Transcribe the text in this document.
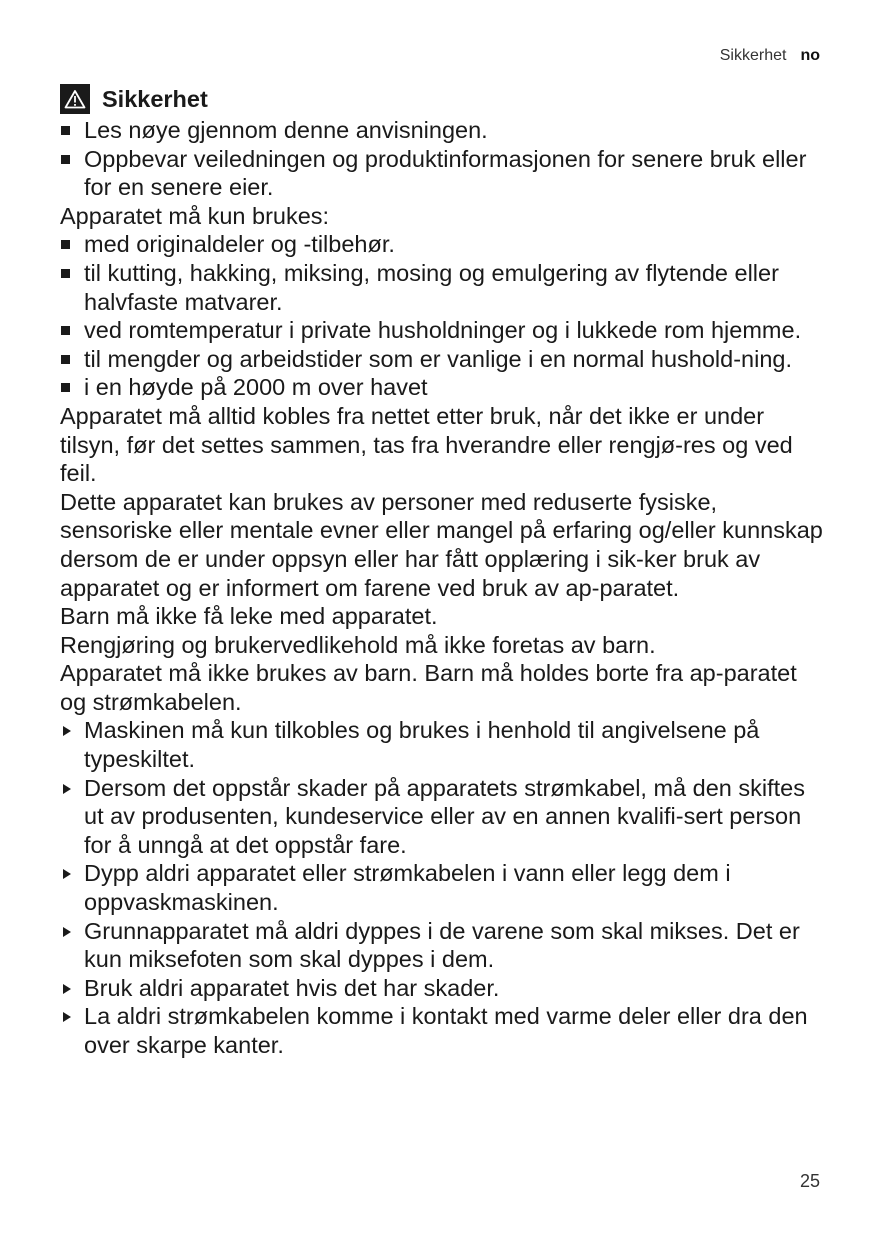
Sikkerhet no
Sikkerhet
Les nøye gjennom denne anvisningen.
Oppbevar veiledningen og produktinformasjonen for senere bruk eller for en senere eier.

Apparatet må kun brukes:

med originaldeler og -tilbehør.
til kutting, hakking, miksing, mosing og emulgering av flytende eller halvfaste matvarer.
ved romtemperatur i private husholdninger og i lukkede rom hjemme.
til mengder og arbeidstider som er vanlige i en normal hushold-ning.
i en høyde på 2000 m over havet

Apparatet må alltid kobles fra nettet etter bruk, når det ikke er under tilsyn, før det settes sammen, tas fra hverandre eller rengjø-res og ved feil.

Dette apparatet kan brukes av personer med reduserte fysiske, sensoriske eller mentale evner eller mangel på erfaring og/eller kunnskap dersom de er under oppsyn eller har fått opplæring i sik-ker bruk av apparatet og er informert om farene ved bruk av ap-paratet.

Barn må ikke få leke med apparatet.

Rengjøring og brukervedlikehold må ikke foretas av barn.

Apparatet må ikke brukes av barn. Barn må holdes borte fra ap-paratet og strømkabelen.

Maskinen må kun tilkobles og brukes i henhold til angivelsene på typeskiltet.
Dersom det oppstår skader på apparatets strømkabel, må den skiftes ut av produsenten, kundeservice eller av en annen kvalifi-sert person for å unngå at det oppstår fare.
Dypp aldri apparatet eller strømkabelen i vann eller legg dem i oppvaskmaskinen.
Grunnapparatet må aldri dyppes i de varene som skal mikses. Det er kun miksefoten som skal dyppes i dem.
Bruk aldri apparatet hvis det har skader.
La aldri strømkabelen komme i kontakt med varme deler eller dra den over skarpe kanter.
25
